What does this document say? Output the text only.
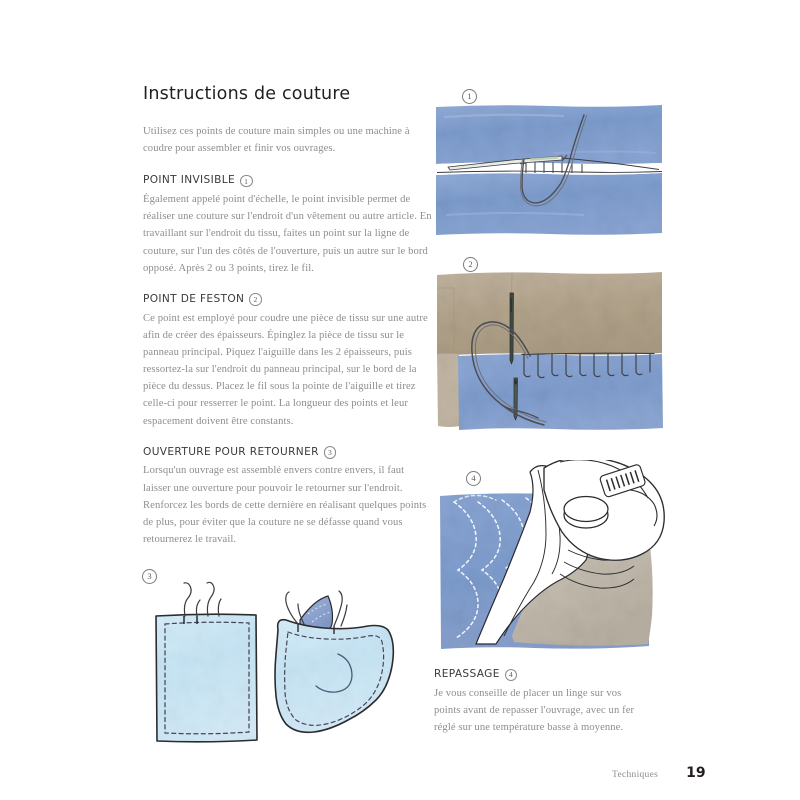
Instructions de couture

Utilisez ces points de couture main simples ou une machine à coudre pour assembler et finir vos ouvrages.

POINT INVISIBLE	1

Également appelé point d'échelle, le point invisible permet de réaliser une couture sur l'endroit d'un vêtement ou autre article. En travaillant sur l'endroit du tissu, faites un point sur la ligne de couture, sur l'un des côtés de l'ouverture, puis un autre sur le bord opposé. Après 2 ou 3 points, tirez le fil.

POINT DE FESTON	2

Ce point est employé pour coudre une pièce de tissu sur une autre afin de créer des épaisseurs. Épinglez la pièce de tissu sur le panneau principal. Piquez l'aiguille dans les 2 épaisseurs, puis ressortez-la sur l'endroit du panneau principal, sur le bord de la pièce du dessus. Placez le fil sous la pointe de l'aiguille et tirez celle-ci pour resserrer le point. La longueur des points et leur espacement doivent être constants.

OUVERTURE POUR RETOURNER	3

Lorsqu'un ouvrage est assemblé envers contre envers, il faut laisser une ouverture pour pouvoir le retourner sur l'endroit. Renforcez les bords de cette dernière en réalisant quelques points de plus, pour éviter que la couture ne se défasse quand vous retournerez le travail.

REPASSAGE	4

Je vous conseille de placer un linge sur vos points avant de repasser l'ouvrage, avec un fer réglé sur une température basse à moyenne.

1
2
4
3
Techniques 19
